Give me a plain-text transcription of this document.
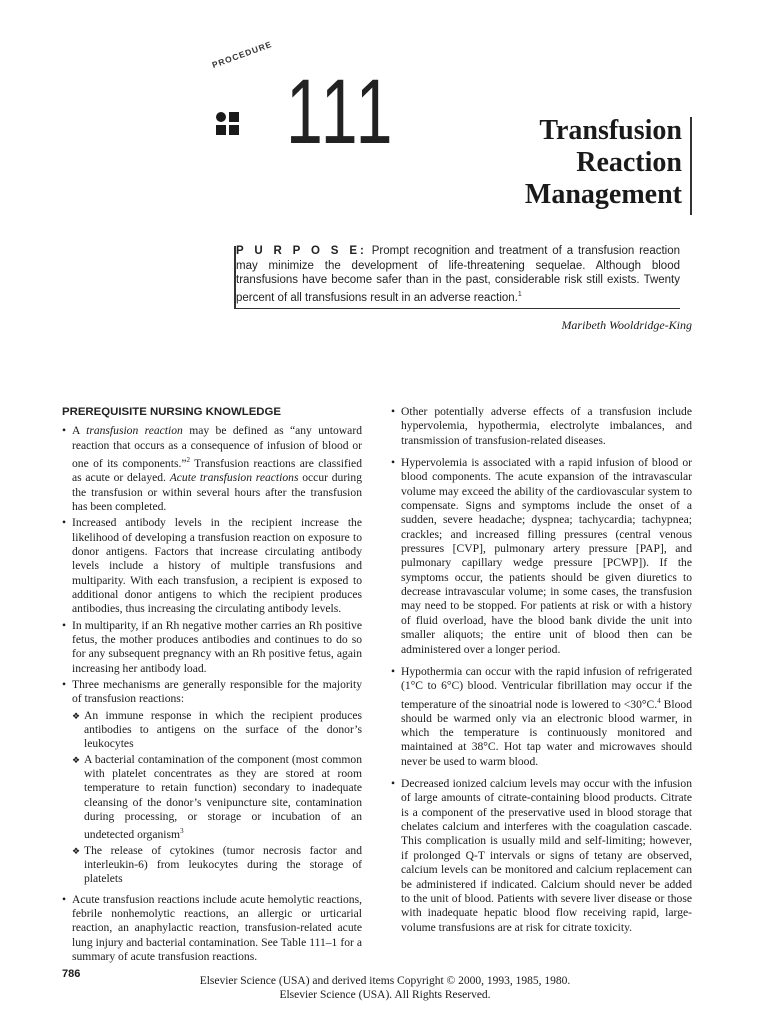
PROCEDURE
111	Transfusion
Reaction
Management
P U R P O S E: Prompt recognition and treatment of a transfusion reaction may minimize the development of life-threatening sequelae. Although blood transfusions have become safer than in the past, considerable risk still exists. Twenty percent of all transfusions result in an adverse reaction.$^1$
Maribeth Wooldridge-King
PREREQUISITE NURSING KNOWLEDGE
• A transfusion reaction may be defined as “any untoward reaction that occurs as a consequence of infusion of blood or one of its components.”$^2$ Transfusion reactions are classified as acute or delayed. Acute transfusion reactions occur during the transfusion or within several hours after the transfusion has been completed.
• Increased antibody levels in the recipient increase the likelihood of developing a transfusion reaction on exposure to donor antigens. Factors that increase circulating antibody levels include a history of multiple transfusions and multiparity. With each transfusion, a recipient is exposed to additional donor antigens to which the recipient produces antibodies, thus increasing the circulating antibody levels.
• In multiparity, if an Rh negative mother carries an Rh positive fetus, the mother produces antibodies and continues to do so for any subsequent pregnancy with an Rh positive fetus, again increasing her antibody load.
• Three mechanisms are generally responsible for the majority of transfusion reactions:
❖ An immune response in which the recipient produces antibodies to antigens on the surface of the donor’s leukocytes
❖ A bacterial contamination of the component (most common with platelet concentrates as they are stored at room temperature to retain function) secondary to inadequate cleansing of the donor’s venipuncture site, contamination during processing, or storage or incubation of an undetected organism$^3$
❖ The release of cytokines (tumor necrosis factor and interleukin-6) from leukocytes during the storage of platelets
• Acute transfusion reactions include acute hemolytic reactions, febrile nonhemolytic reactions, an allergic or urticarial reaction, an anaphylactic reaction, transfusion-related acute lung injury and bacterial contamination. See Table 111–1 for a summary of acute transfusion reactions.
• Other potentially adverse effects of a transfusion include hypervolemia, hypothermia, electrolyte imbalances, and transmission of transfusion-related diseases.
• Hypervolemia is associated with a rapid infusion of blood or blood components. The acute expansion of the intravascular volume may exceed the ability of the cardiovascular system to compensate. Signs and symptoms include the onset of a sudden, severe headache; dyspnea; tachycardia; tachypnea; crackles; and increased filling pressures (central venous pressures [CVP], pulmonary artery pressure [PAP], and pulmonary capillary wedge pressure [PCWP]). If the symptoms occur, the patients should be given diuretics to decrease intravascular volume; in some cases, the transfusion may need to be stopped. For patients at risk or with a history of fluid overload, have the blood bank divide the unit into smaller aliquots; the entire unit of blood then can be administered over a longer period.
• Hypothermia can occur with the rapid infusion of refrigerated (1°C to 6°C) blood. Ventricular fibrillation may occur if the temperature of the sinoatrial node is lowered to <30°C.$^4$ Blood should be warmed only via an electronic blood warmer, in which the temperature is continuously monitored and maintained at 38°C. Hot tap water and microwaves should never be used to warm blood.
• Decreased ionized calcium levels may occur with the infusion of large amounts of citrate-containing blood products. Citrate is a component of the preservative used in blood storage that chelates calcium and interferes with the coagulation cascade. This complication is usually mild and self-limiting; however, if prolonged Q-T intervals or signs of tetany are observed, calcium levels can be monitored and calcium replacement can be administered if indicated. Calcium should never be added to the unit of blood. Patients with severe liver disease or those with inadequate hepatic blood flow receiving rapid, large-volume transfusions are at risk for citrate toxicity.
786
Elsevier Science (USA) and derived items Copyright © 2000, 1993, 1985, 1980.
Elsevier Science (USA). All Rights Reserved.
